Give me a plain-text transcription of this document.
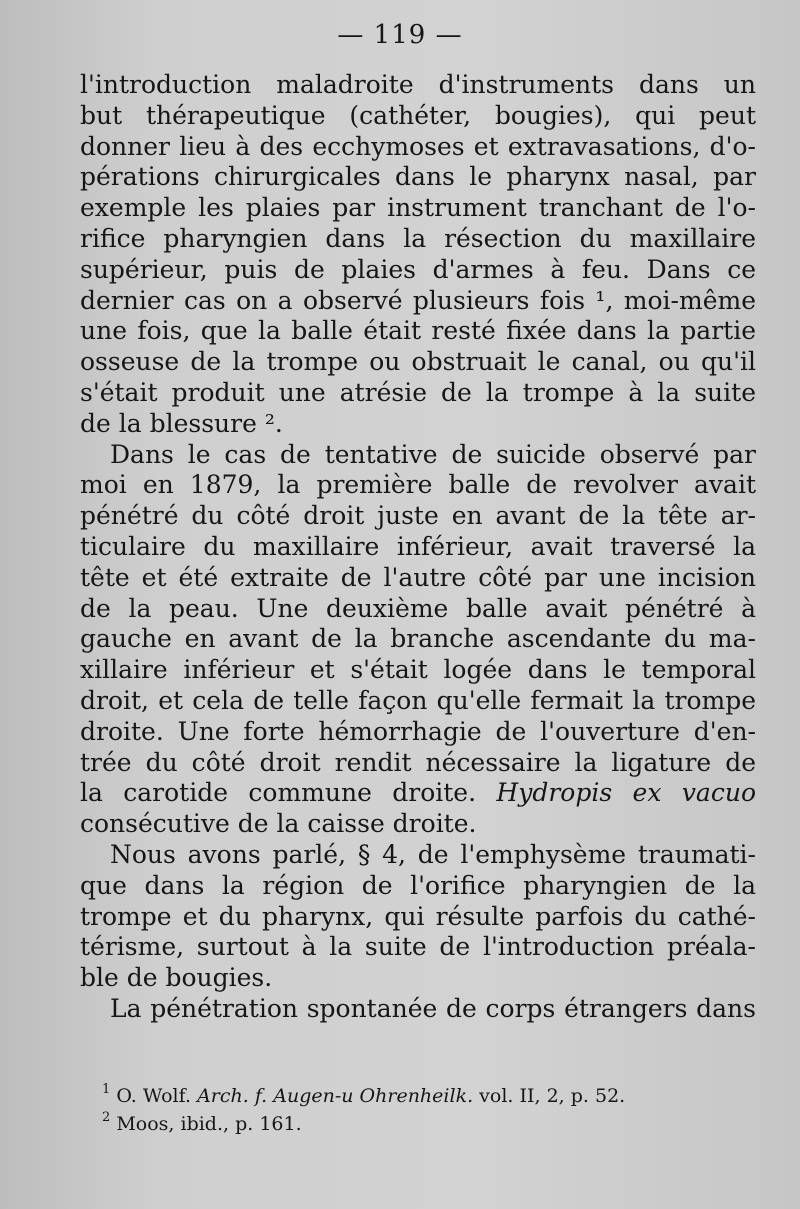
— 119 —
l'introduction maladroite d'instruments dans un
but thérapeutique (cathéter, bougies), qui peut
donner lieu à des ecchymoses et extravasations, d'o-
pérations chirurgicales dans le pharynx nasal, par
exemple les plaies par instrument tranchant de l'o-
rifice pharyngien dans la résection du maxillaire
supérieur, puis de plaies d'armes à feu. Dans ce
dernier cas on a observé plusieurs fois ¹, moi-même
une fois, que la balle était resté fixée dans la partie
osseuse de la trompe ou obstruait le canal, ou qu'il
s'était produit une atrésie de la trompe à la suite
de la blessure ².
Dans le cas de tentative de suicide observé par
moi en 1879, la première balle de revolver avait
pénétré du côté droit juste en avant de la tête ar-
ticulaire du maxillaire inférieur, avait traversé la
tête et été extraite de l'autre côté par une incision
de la peau. Une deuxième balle avait pénétré à
gauche en avant de la branche ascendante du ma-
xillaire inférieur et s'était logée dans le temporal
droit, et cela de telle façon qu'elle fermait la trompe
droite. Une forte hémorrhagie de l'ouverture d'en-
trée du côté droit rendit nécessaire la ligature de
la carotide commune droite. Hydropis ex vacuo
consécutive de la caisse droite.
Nous avons parlé, § 4, de l'emphysème traumati-
que dans la région de l'orifice pharyngien de la
trompe et du pharynx, qui résulte parfois du cathé-
térisme, surtout à la suite de l'introduction préala-
ble de bougies.
La pénétration spontanée de corps étrangers dans
$^1$ O. Wolf. Arch. f. Augen-u Ohrenheilk. vol. II, 2, p. 52.
$^2$ Moos, ibid., p. 161.
